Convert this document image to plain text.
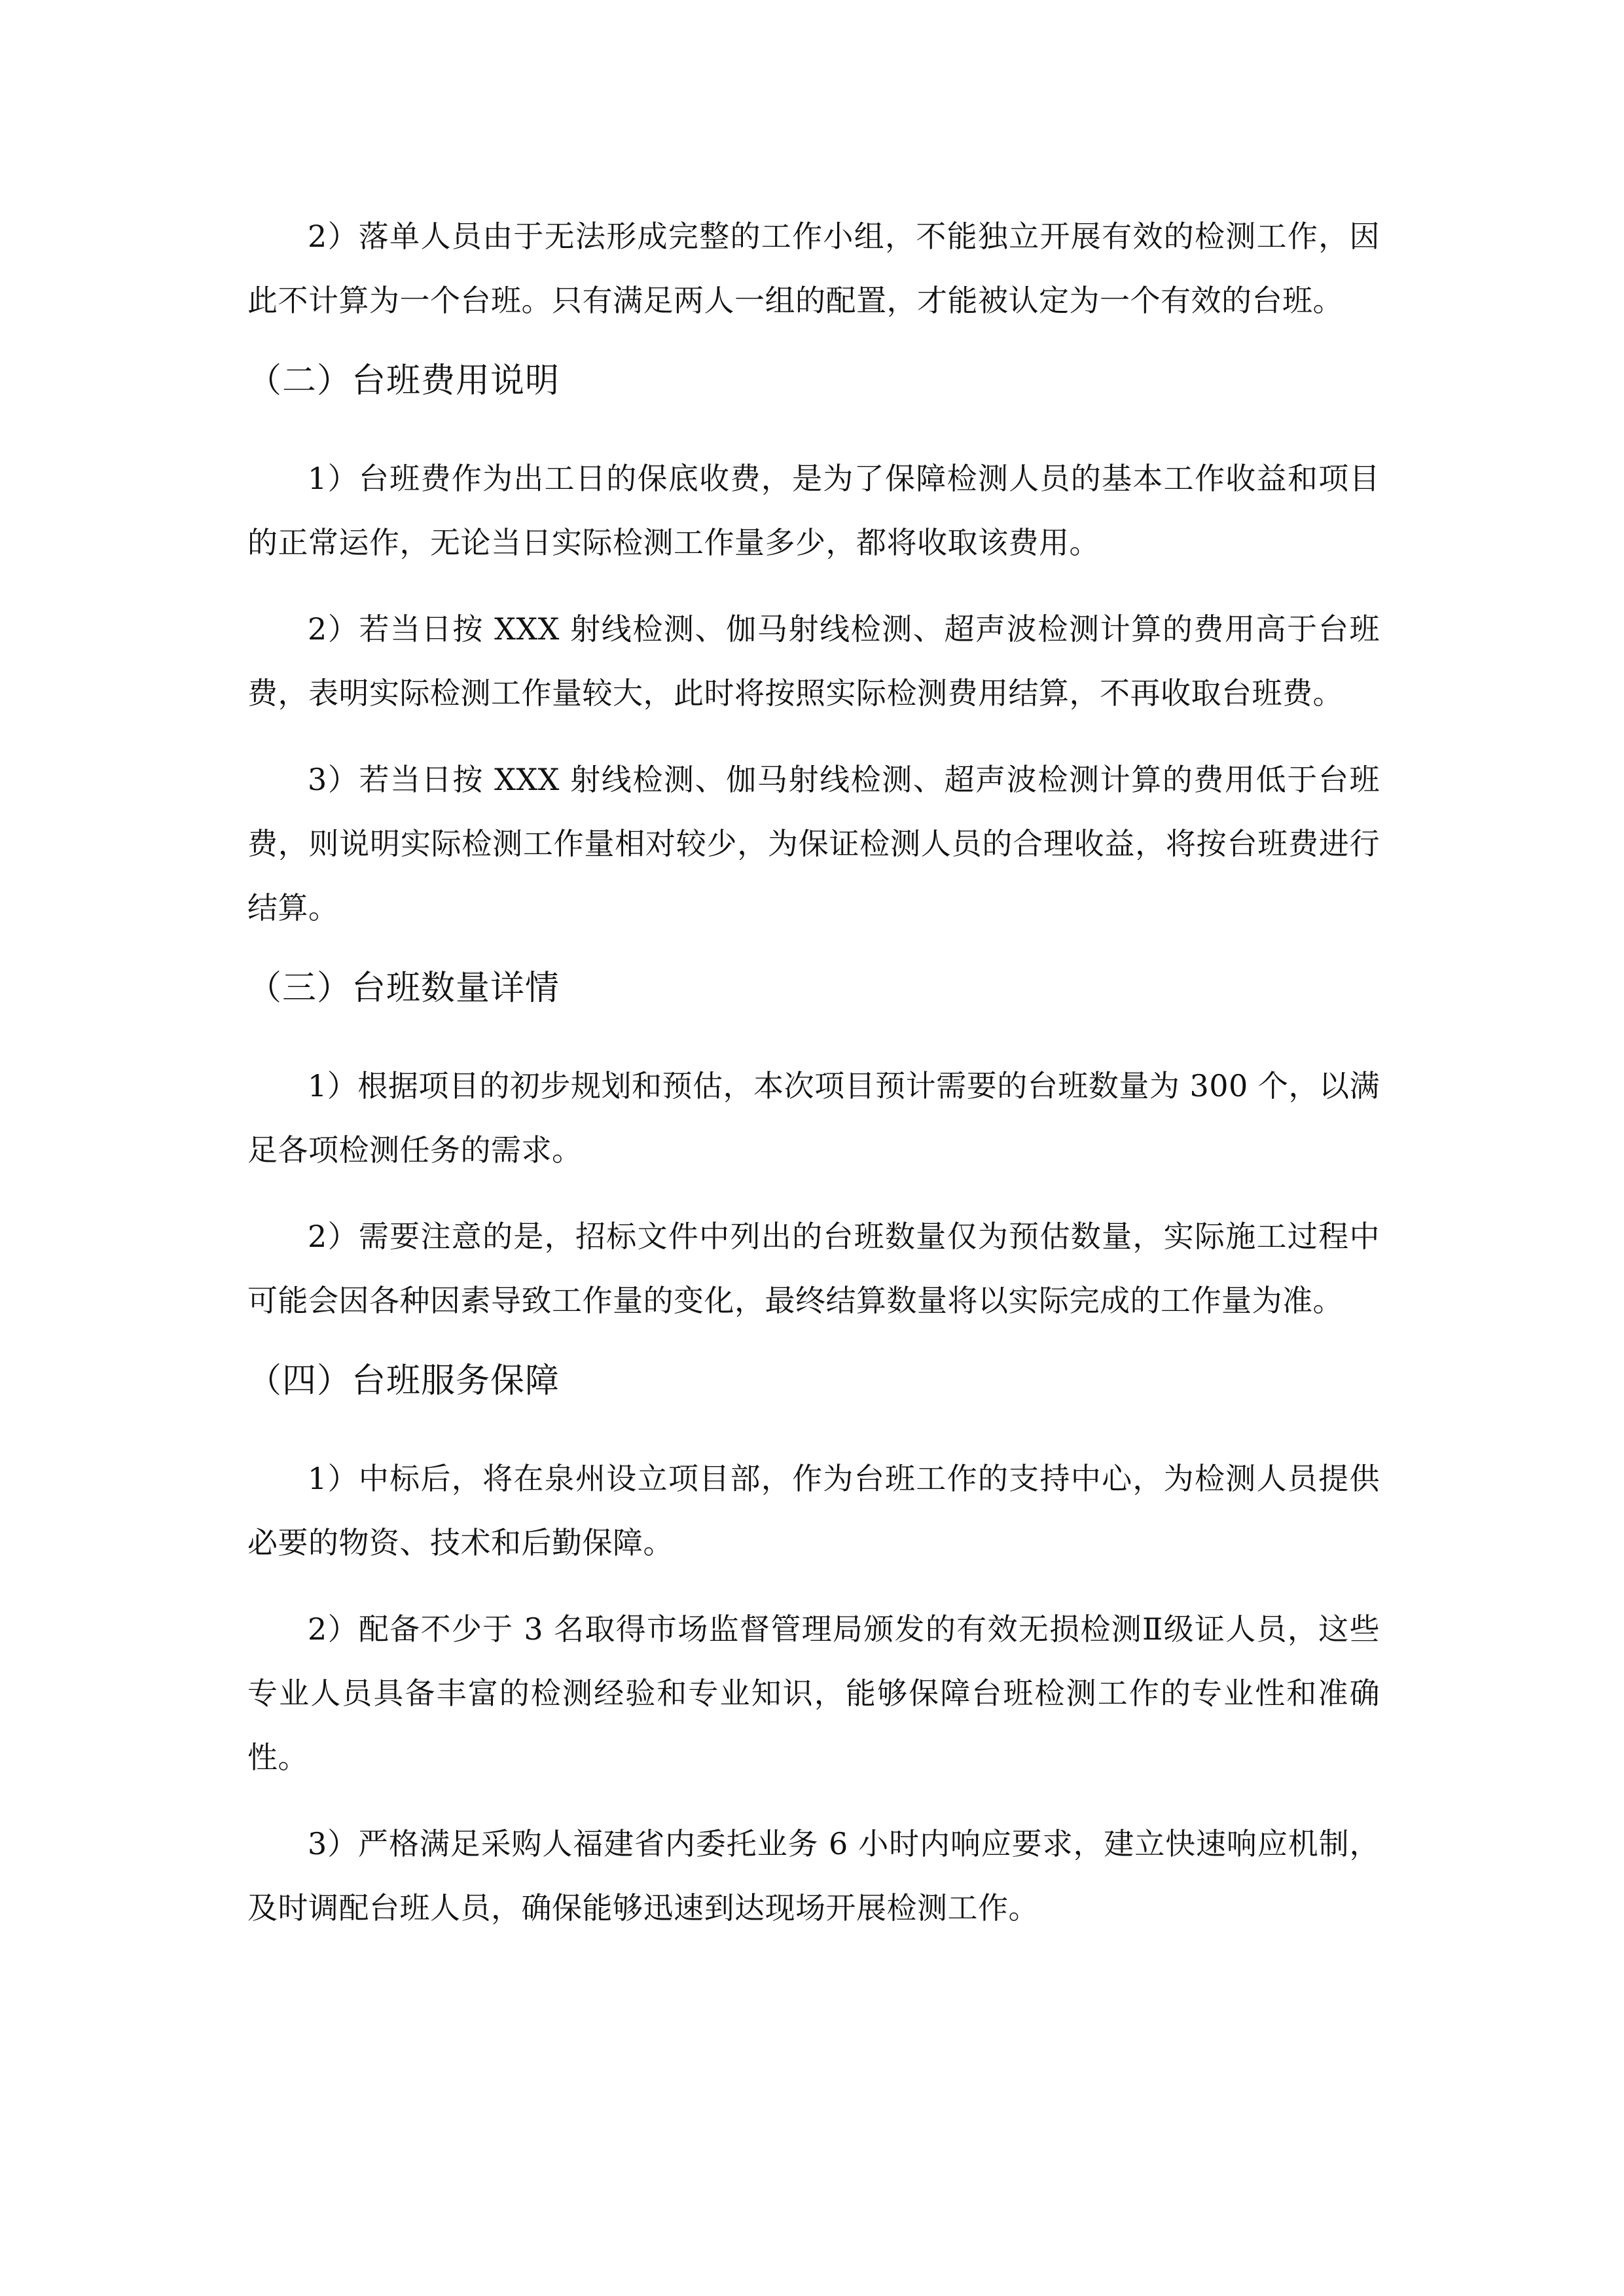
2）落单人员由于无法形成完整的工作小组，不能独立开展有效的检测工作，因此不计算为一个台班。只有满足两人一组的配置，才能被认定为一个有效的台班。

（二）台班费用说明

1）台班费作为出工日的保底收费，是为了保障检测人员的基本工作收益和项目的正常运作，无论当日实际检测工作量多少，都将收取该费用。

2）若当日按 XXX 射线检测、伽马射线检测、超声波检测计算的费用高于台班费，表明实际检测工作量较大，此时将按照实际检测费用结算，不再收取台班费。

3）若当日按 XXX 射线检测、伽马射线检测、超声波检测计算的费用低于台班费，则说明实际检测工作量相对较少，为保证检测人员的合理收益，将按台班费进行结算。

（三）台班数量详情

1）根据项目的初步规划和预估，本次项目预计需要的台班数量为 300 个，以满足各项检测任务的需求。

2）需要注意的是，招标文件中列出的台班数量仅为预估数量，实际施工过程中可能会因各种因素导致工作量的变化，最终结算数量将以实际完成的工作量为准。

（四）台班服务保障

1）中标后，将在泉州设立项目部，作为台班工作的支持中心，为检测人员提供必要的物资、技术和后勤保障。

2）配备不少于 3 名取得市场监督管理局颁发的有效无损检测Ⅱ级证人员，这些专业人员具备丰富的检测经验和专业知识，能够保障台班检测工作的专业性和准确性。

3）严格满足采购人福建省内委托业务 6 小时内响应要求，建立快速响应机制，及时调配台班人员，确保能够迅速到达现场开展检测工作。
